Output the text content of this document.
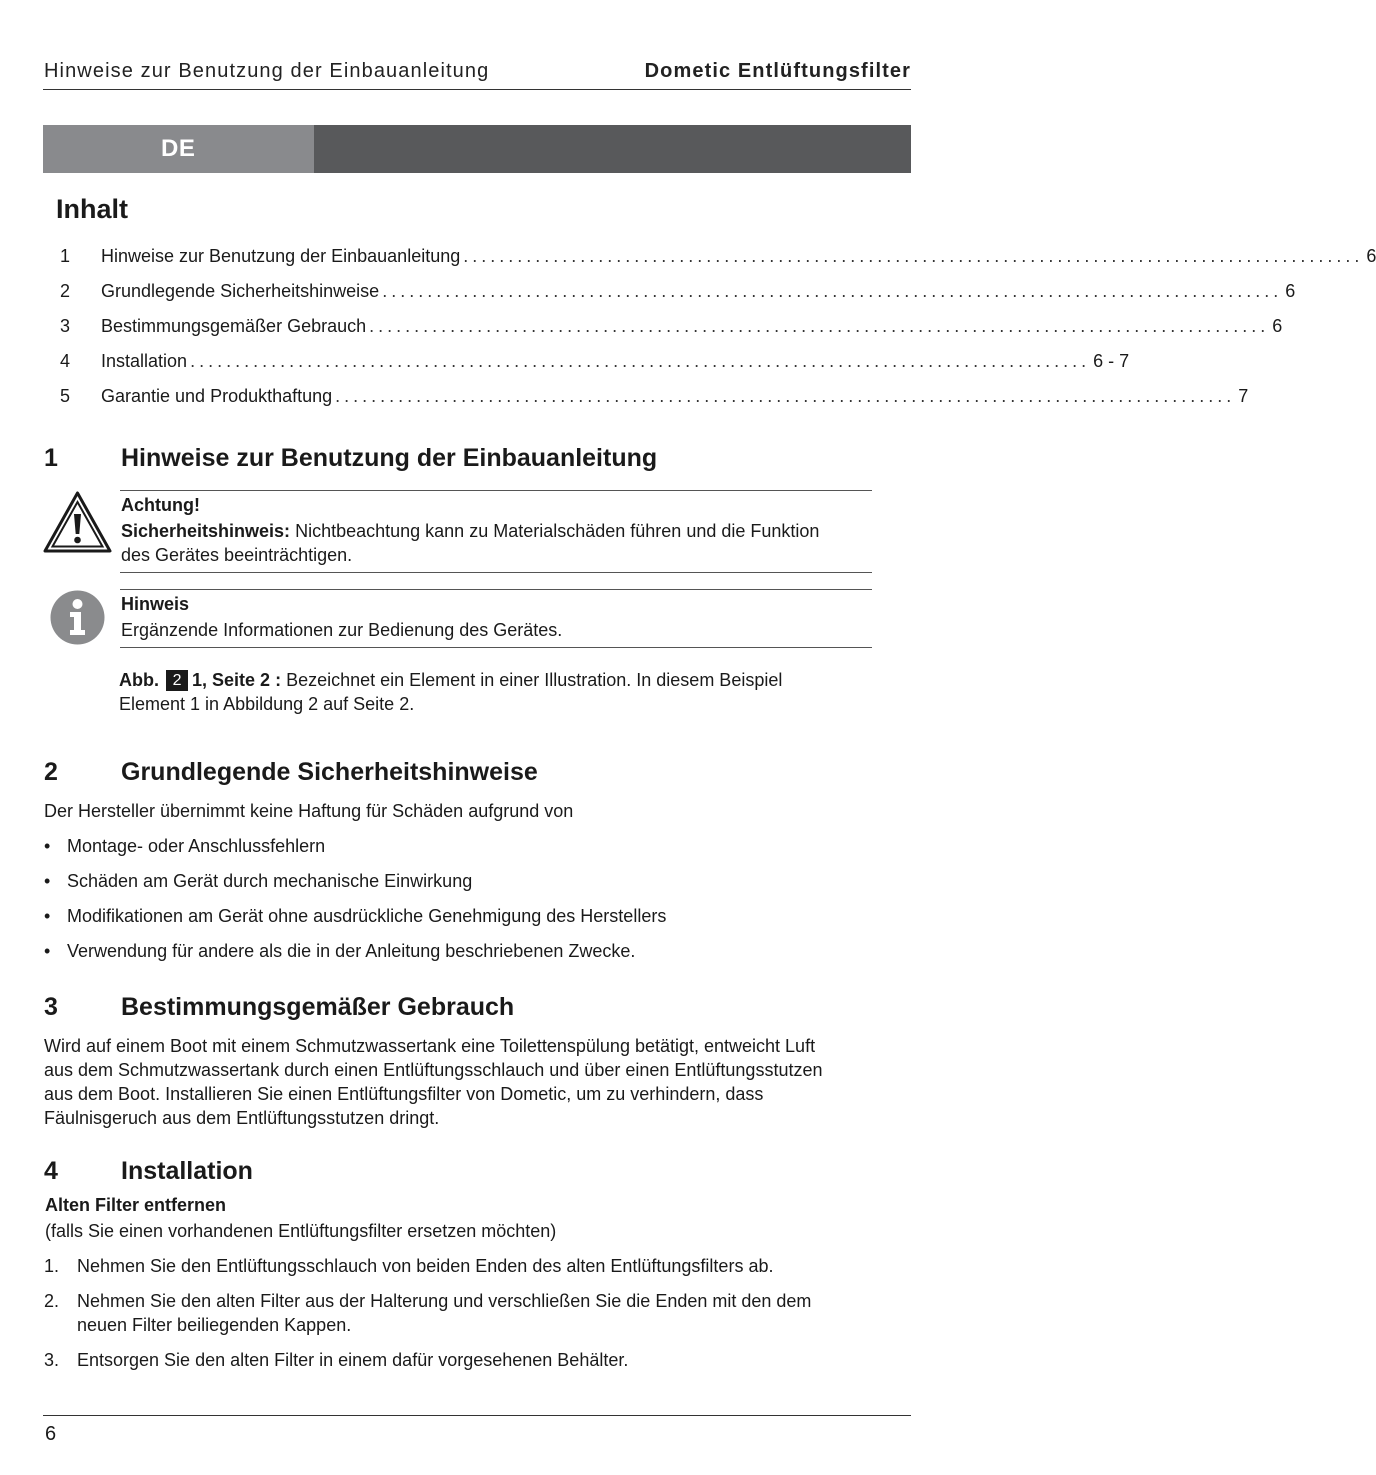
Hinweise zur Benutzung der Einbauanleitung	Dometic Entlüftungsfilter
DE
Inhalt
1	Hinweise zur Benutzung der Einbauanleitung .................................................................................................... 6
2	Grundlegende Sicherheitshinweise .................................................................................................... 6
3	Bestimmungsgemäßer Gebrauch .................................................................................................... 6
4	Installation .................................................................................................... 6 - 7
5	Garantie und Produkthaftung .................................................................................................... 7
1	Hinweise zur Benutzung der Einbauanleitung
Achtung!
Sicherheitshinweis: Nichtbeachtung kann zu Materialschäden führen und die Funktion
des Gerätes beeinträchtigen.
Hinweis
Ergänzende Informationen zur Bedienung des Gerätes.
Abb. 2 1, Seite 2 : Bezeichnet ein Element in einer Illustration. In diesem Beispiel
Element 1 in Abbildung 2 auf Seite 2.
2	Grundlegende Sicherheitshinweise
Der Hersteller übernimmt keine Haftung für Schäden aufgrund von
• Montage- oder Anschlussfehlern
• Schäden am Gerät durch mechanische Einwirkung
• Modifikationen am Gerät ohne ausdrückliche Genehmigung des Herstellers
• Verwendung für andere als die in der Anleitung beschriebenen Zwecke.
3	Bestimmungsgemäßer Gebrauch
Wird auf einem Boot mit einem Schmutzwassertank eine Toilettenspülung betätigt, entweicht Luft
aus dem Schmutzwassertank durch einen Entlüftungsschlauch und über einen Entlüftungsstutzen
aus dem Boot. Installieren Sie einen Entlüftungsfilter von Dometic, um zu verhindern, dass
Fäulnisgeruch aus dem Entlüftungsstutzen dringt.
4	Installation
Alten Filter entfernen
(falls Sie einen vorhandenen Entlüftungsfilter ersetzen möchten)
1. Nehmen Sie den Entlüftungsschlauch von beiden Enden des alten Entlüftungsfilters ab.
2. Nehmen Sie den alten Filter aus der Halterung und verschließen Sie die Enden mit den dem
neuen Filter beiliegenden Kappen.
3. Entsorgen Sie den alten Filter in einem dafür vorgesehenen Behälter.
6
